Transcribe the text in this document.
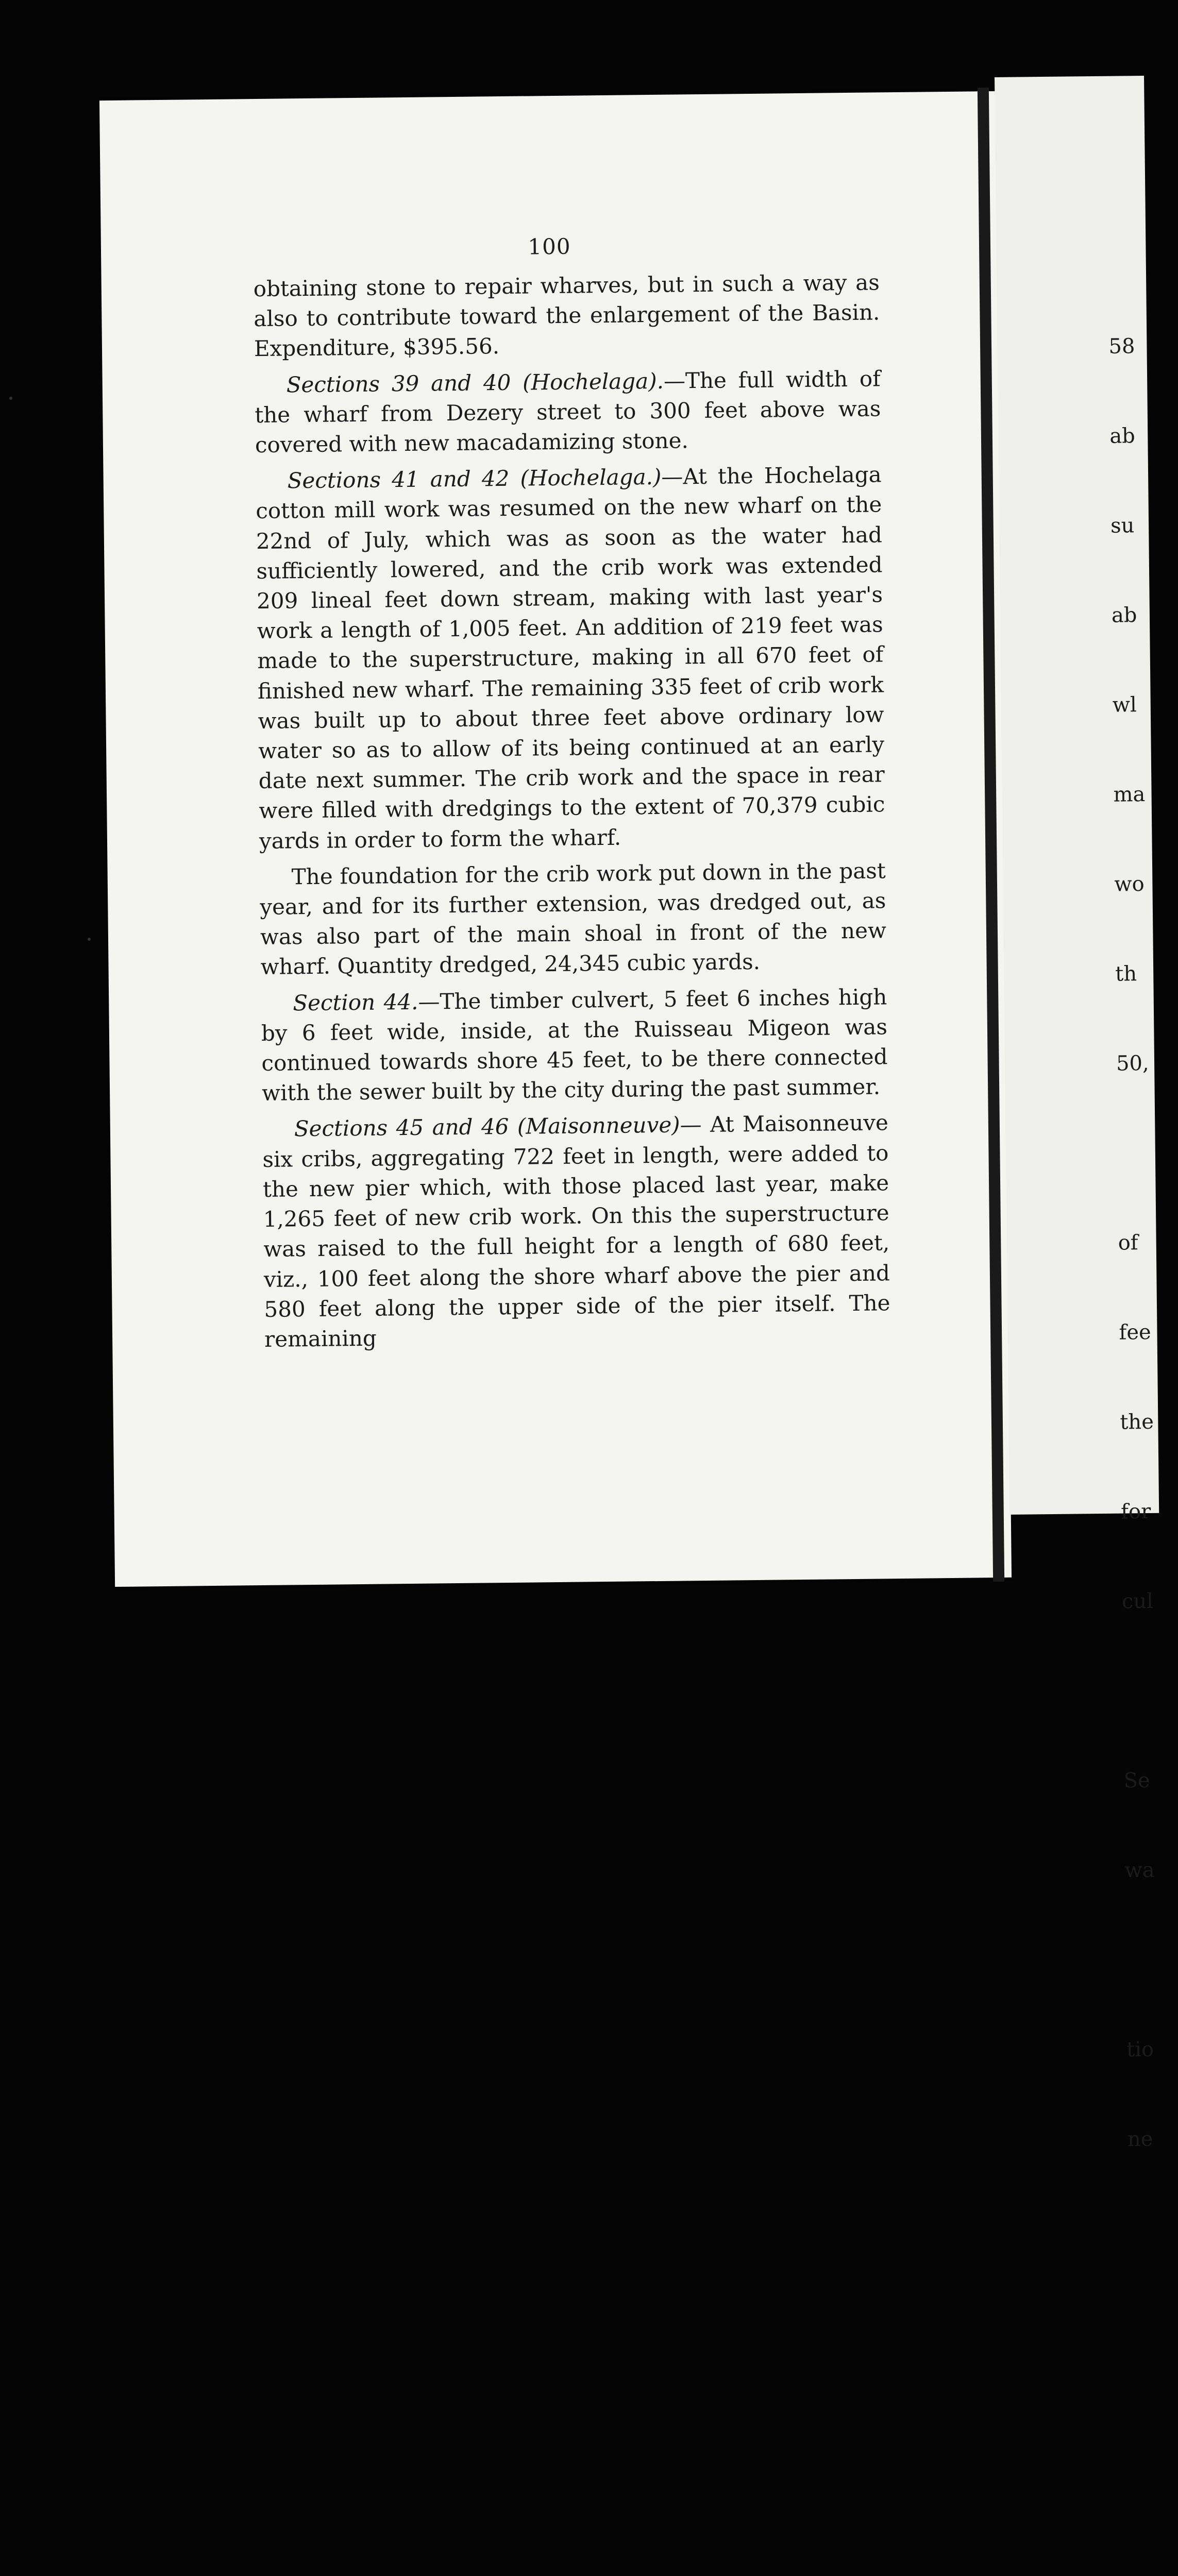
100

obtaining stone to repair wharves, but in such a way as also to contribute toward the enlargement of the Basin. Expenditure, $395.56.

Sections 39 and 40 (Hochelaga).—The full width of the wharf from Dezery street to 300 feet above was covered with new macadamizing stone.

Sections 41 and 42 (Hochelaga.)—At the Hochelaga cotton mill work was resumed on the new wharf on the 22nd of July, which was as soon as the water had sufficiently lowered, and the crib work was extended 209 lineal feet down stream, making with last year's work a length of 1,005 feet. An addition of 219 feet was made to the superstructure, making in all 670 feet of finished new wharf. The remaining 335 feet of crib work was built up to about three feet above ordinary low water so as to allow of its being continued at an early date next summer. The crib work and the space in rear were filled with dredgings to the extent of 70,379 cubic yards in order to form the wharf.

The foundation for the crib work put down in the past year, and for its further extension, was dredged out, as was also part of the main shoal in front of the new wharf. Quantity dredged, 24,345 cubic yards.

Section 44.—The timber culvert, 5 feet 6 inches high by 6 feet wide, inside, at the Ruisseau Migeon was continued towards shore 45 feet, to be there connected with the sewer built by the city during the past summer.

Sections 45 and 46 (Maisonneuve)— At Maisonneuve six cribs, aggregating 722 feet in length, were added to the new pier which, with those placed last year, make 1,265 feet of new crib work. On this the superstructure was raised to the full height for a length of 680 feet, viz., 100 feet along the shore wharf above the pier and 580 feet along the upper side of the pier itself. The remaining

58

ab

su

ab

wl

ma

wo

th

50,

of

fee

the

for

cul

Se

wa

tio

ne
